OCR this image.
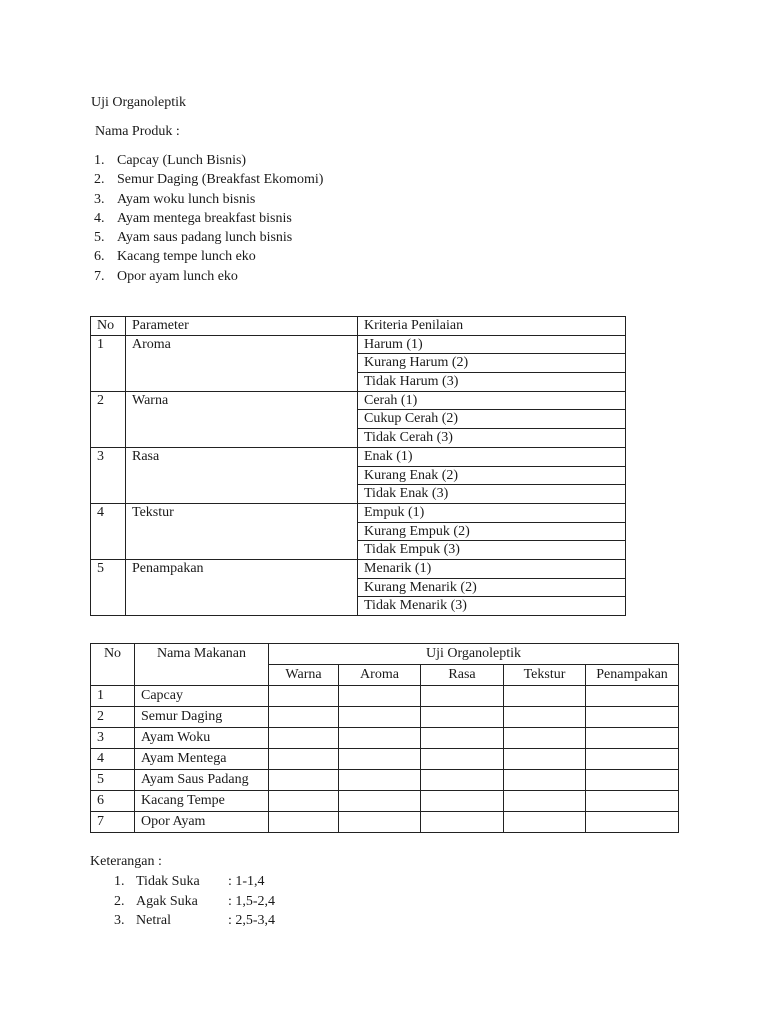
Uji Organoleptik
Nama Produk :
1. Capcay (Lunch Bisnis)
2. Semur Daging (Breakfast Ekomomi)
3. Ayam woku lunch bisnis
4. Ayam mentega breakfast bisnis
5. Ayam saus padang lunch bisnis
6. Kacang tempe lunch eko
7. Opor ayam lunch eko
No	Parameter	Kriteria Penilaian
1	Aroma	Harum (1)
		Kurang Harum (2)
		Tidak Harum (3)
2	Warna	Cerah (1)
		Cukup Cerah (2)
		Tidak Cerah (3)
3	Rasa	Enak (1)
		Kurang Enak (2)
		Tidak Enak (3)
4	Tekstur	Empuk (1)
		Kurang Empuk (2)
		Tidak Empuk (3)
5	Penampakan	Menarik (1)
		Kurang Menarik (2)
		Tidak Menarik (3)
No	Nama Makanan	Uji Organoleptik				
		Warna	Aroma	Rasa	Tekstur	Penampakan
1	Capcay					
2	Semur Daging					
3	Ayam Woku					
4	Ayam Mentega					
5	Ayam Saus Padang					
6	Kacang Tempe					
7	Opor Ayam					
Keterangan :
1. Tidak Suka : 1-1,4
2. Agak Suka : 1,5-2,4
3. Netral	: 2,5-3,4
